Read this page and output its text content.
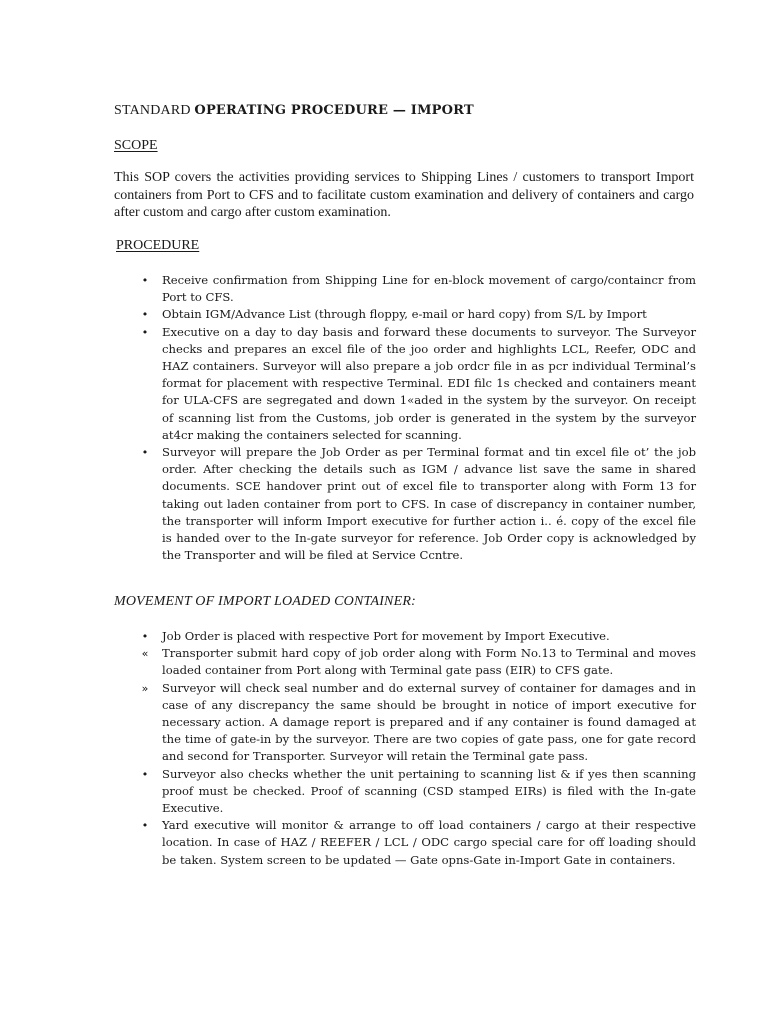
STANDARD OPERATING PROCEDURE — IMPORT
SCOPE
This SOP covers the activities providing services to Shipping Lines / customers to transport Import containers from Port to CFS and to facilitate custom examination and delivery of containers and cargo after custom and cargo after custom examination.
PROCEDURE
•	Receive confirmation from Shipping Line for en-block movement of cargo/containcr from Port to CFS.
•	Obtain IGM/Advance List (through floppy, e-mail or hard copy) from S/L by Import
•	Executive on a day to day basis and forward these documents to surveyor. The Surveyor checks and prepares an excel file of the joo order and highlights LCL, Reefer, ODC and HAZ containers. Surveyor will also prepare a job ordcr file in as pcr individual Terminal’s format for placement with respective Terminal. EDI filc 1s checked and containers meant for ULA-CFS are segregated and down 1«aded in the system by the surveyor. On receipt of scanning list from the Customs, job order is generated in the system by the surveyor at4cr making the containers selected for scanning.
•	Surveyor will prepare the Job Order as per Terminal format and tin excel file ot’ the job order. After checking the details such as IGM / advance list save the same in shared documents. SCE handover print out of excel file to transporter along with Form 13 for taking out laden container from port to CFS. In case of discrepancy in container number, the transporter will inform Import executive for further action i.. é. copy of the excel file is handed over to the In-gate surveyor for reference. Job Order copy is acknowledged by the Transporter and will be filed at Service Ccntre.
MOVEMENT OF IMPORT LOADED CONTAINER:
•	Job Order is placed with respective Port for movement by Import Executive.
«	Transporter submit hard copy of job order along with Form No.13 to Terminal and moves loaded container from Port along with Terminal gate pass (EIR) to CFS gate.
»	Surveyor will check seal number and do external survey of container for damages and in case of any discrepancy the same should be brought in notice of import executive for necessary action. A damage report is prepared and if any container is found damaged at the time of gate-in by the surveyor. There are two copies of gate pass, one for gate record and second for Transporter. Surveyor will retain the Terminal gate pass.
•	Surveyor also checks whether the unit pertaining to scanning list & if yes then scanning proof must be checked. Proof of scanning (CSD stamped EIRs) is filed with the In-gate Executive.
•	Yard executive will monitor & arrange to off load containers / cargo at their respective location. In case of HAZ / REEFER / LCL / ODC cargo special care for off loading should be taken. System screen to be updated — Gate opns-Gate in-Import Gate in containers.
